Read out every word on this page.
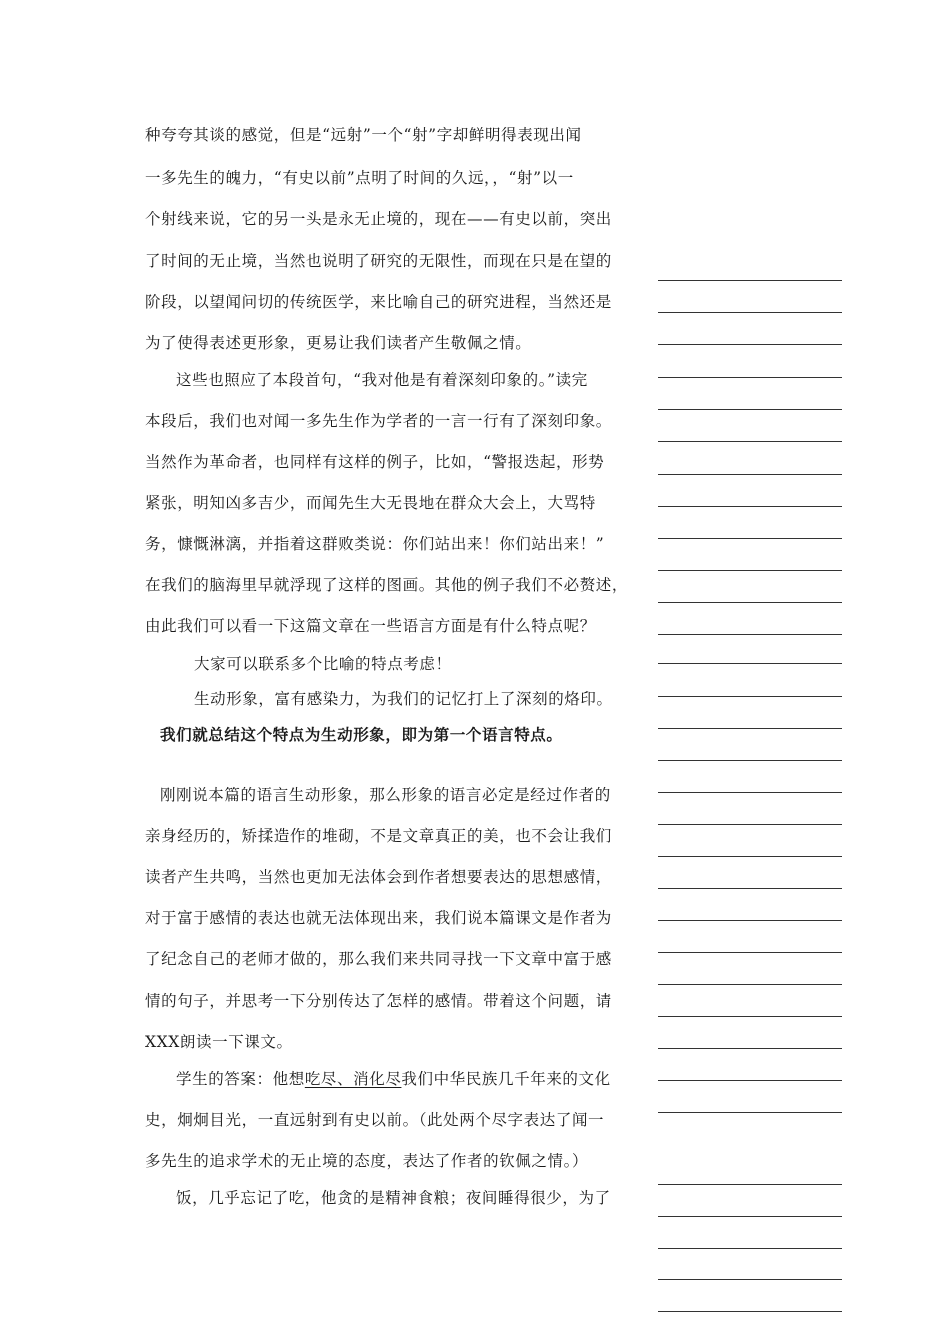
种夸夸其谈的感觉，但是“远射”一个“射”字却鲜明得表现出闻
一多先生的魄力，“有史以前”点明了时间的久远，，“射”以一
个射线来说，它的另一头是永无止境的，现在——有史以前，突出
了时间的无止境，当然也说明了研究的无限性，而现在只是在望的
阶段，以望闻问切的传统医学，来比喻自己的研究进程，当然还是
为了使得表述更形象，更易让我们读者产生敬佩之情。
这些也照应了本段首句，“我对他是有着深刻印象的。”读完
本段后，我们也对闻一多先生作为学者的一言一行有了深刻印象。
当然作为革命者，也同样有这样的例子，比如，“警报迭起，形势
紧张，明知凶多吉少，而闻先生大无畏地在群众大会上，大骂特
务，慷慨淋漓，并指着这群败类说：你们站出来！你们站出来！”
在我们的脑海里早就浮现了这样的图画。其他的例子我们不必赘述，
由此我们可以看一下这篇文章在一些语言方面是有什么特点呢？
大家可以联系多个比喻的特点考虑！
生动形象，富有感染力，为我们的记忆打上了深刻的烙印。
我们就总结这个特点为生动形象，即为第一个语言特点。
刚刚说本篇的语言生动形象，那么形象的语言必定是经过作者的
亲身经历的，矫揉造作的堆砌，不是文章真正的美，也不会让我们
读者产生共鸣，当然也更加无法体会到作者想要表达的思想感情，
对于富于感情的表达也就无法体现出来，我们说本篇课文是作者为
了纪念自己的老师才做的，那么我们来共同寻找一下文章中富于感
情的句子，并思考一下分别传达了怎样的感情。带着这个问题，请
XXX朗读一下课文。
学生的答案：他想吃尽、消化尽我们中华民族几千年来的文化
史，炯炯目光，一直远射到有史以前。（此处两个尽字表达了闻一
多先生的追求学术的无止境的态度，表达了作者的钦佩之情。）
饭，几乎忘记了吃，他贪的是精神食粮；夜间睡得很少，为了
